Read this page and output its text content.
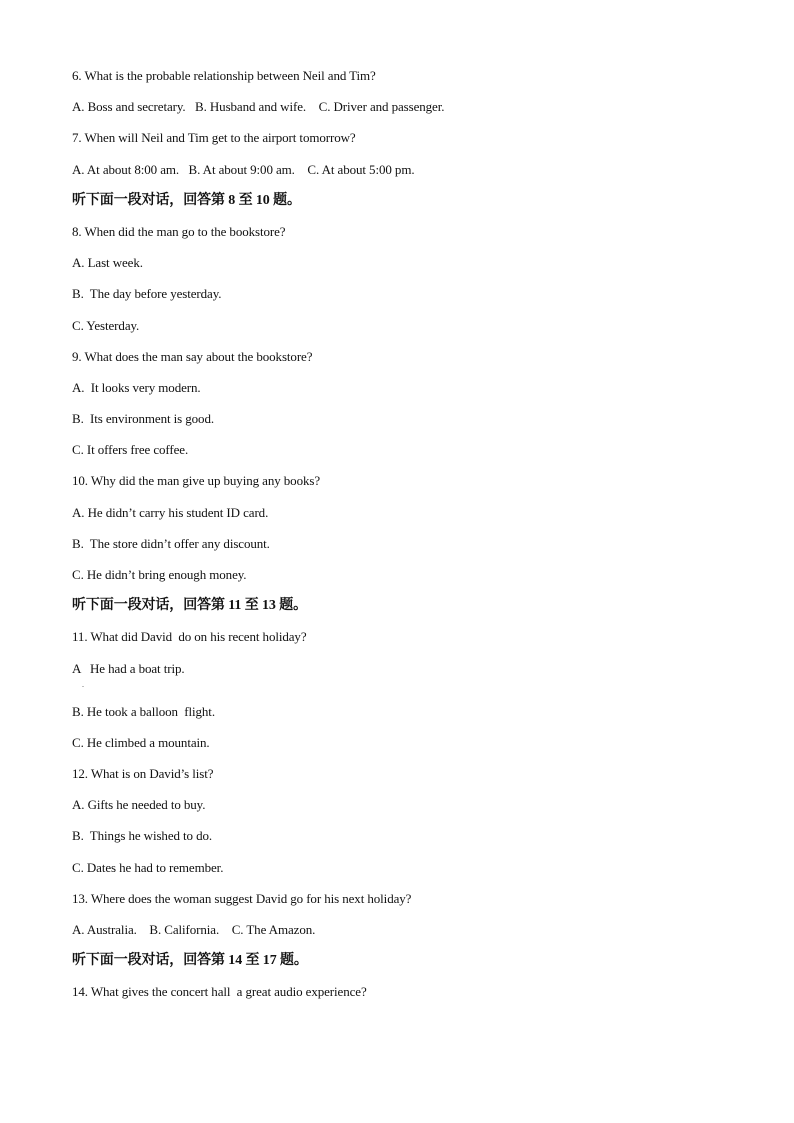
6. What is the probable relationship between Neil and Tim?
A. Boss and secretary.   B. Husband and wife.    C. Driver and passenger.
7. When will Neil and Tim get to the airport tomorrow?
A. At about 8:00 am.   B. At about 9:00 am.    C. At about 5:00 pm.
听下面一段对话，回答第 8 至 10 题。
8. When did the man go to the bookstore?
A. Last week.
B.  The day before yesterday.
C. Yesterday.
9. What does the man say about the bookstore?
A.  It looks very modern.
B.  Its environment is good.
C. It offers free coffee.
10. Why did the man give up buying any books?
A. He didn’t carry his student ID card.
B.  The store didn’t offer any discount.
C. He didn’t bring enough money.
听下面一段对话，回答第 11 至 13 题。
11. What did David  do on his recent holiday?
A   He had a boat trip.
B. He took a balloon  flight.
C. He climbed a mountain.
12. What is on David’s list?
A. Gifts he needed to buy.
B.  Things he wished to do.
C. Dates he had to remember.
13. Where does the woman suggest David go for his next holiday?
A. Australia.    B. California.    C. The Amazon.
听下面一段对话，回答第 14 至 17 题。
14. What gives the concert hall  a great audio experience?
.
